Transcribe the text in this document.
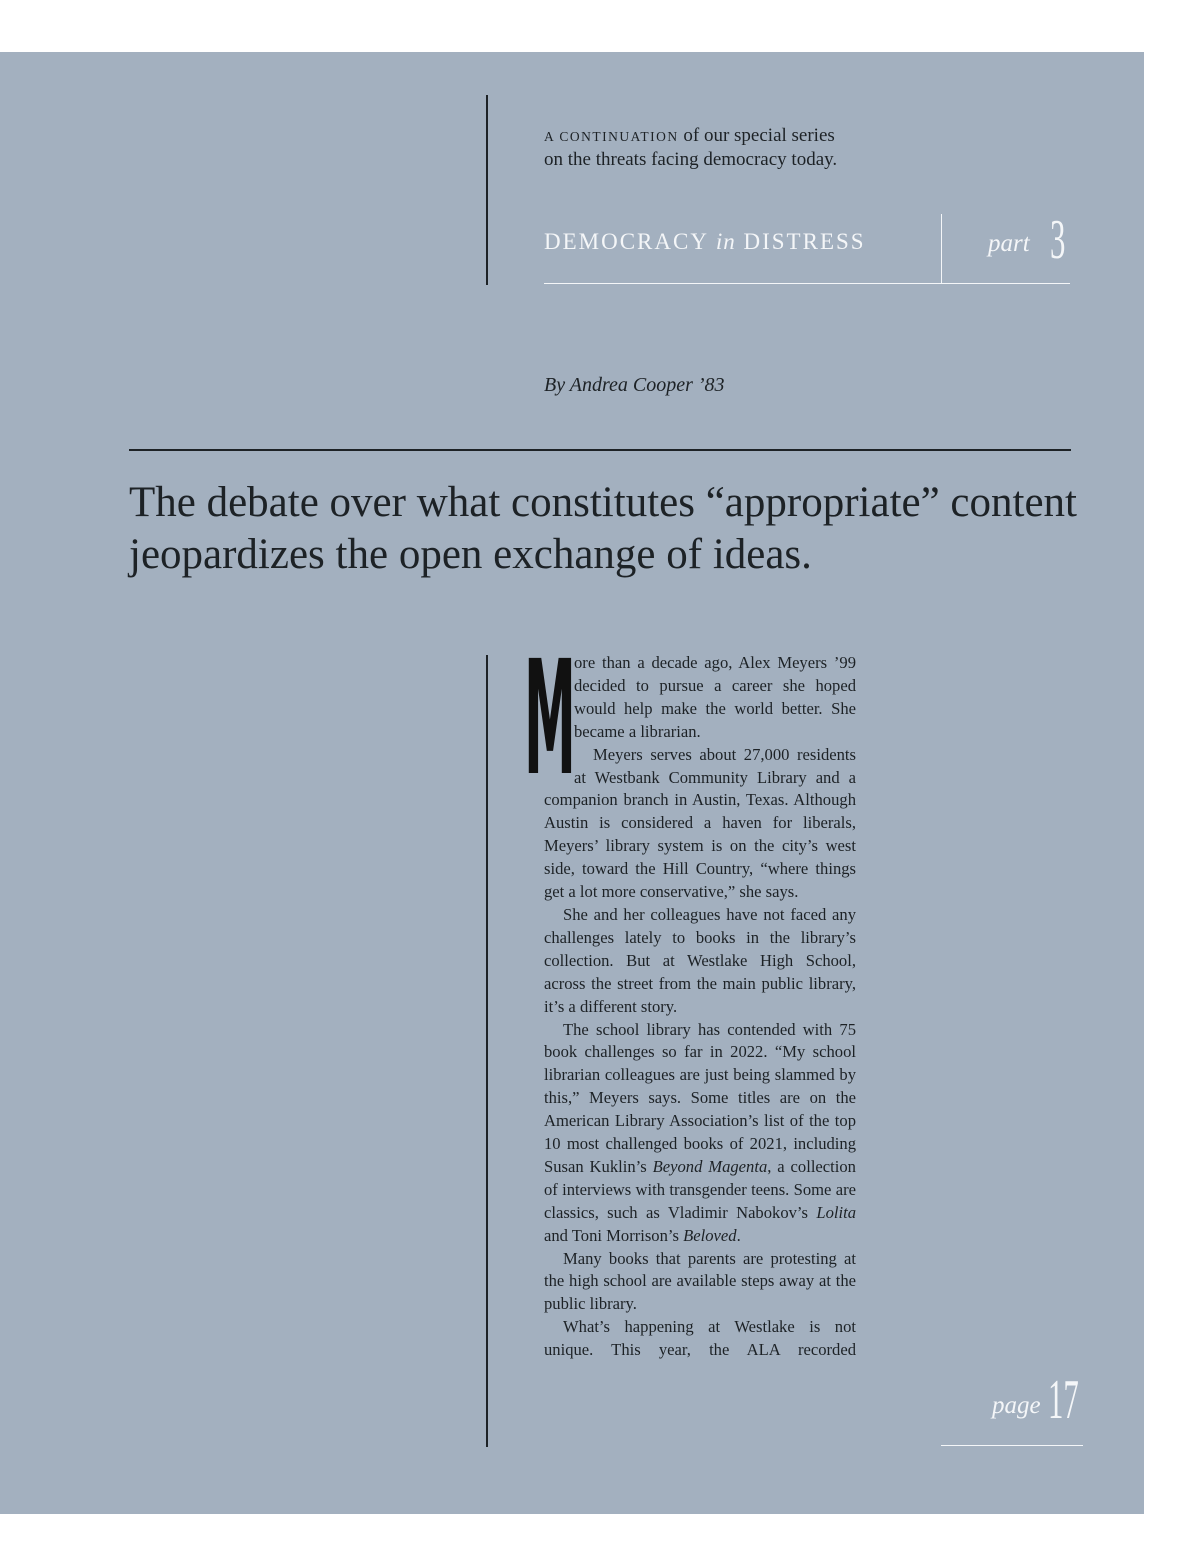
A CONTINUATION of our special series on the threats facing democracy today.
DEMOCRACY in DISTRESS	part 3
By Andrea Cooper ’83
The debate over what constitutes “appropriate” content jeopardizes the open exchange of ideas.

M
ore than a decade ago, Alex Meyers ’99 decided to pursue a career she hoped would help make the world better. She became a librarian.

Meyers serves about 27,000 residents at Westbank Community Library and a companion branch in Austin, Texas. Although Austin is considered a haven for liberals, Meyers’ library system is on the city’s west side, toward the Hill Country, “where things get a lot more conservative,” she says.

She and her colleagues have not faced any challenges lately to books in the library’s collection. But at Westlake High School, across the street from the main public library, it’s a different story.

The school library has contended with 75 book challenges so far in 2022. “My school librarian colleagues are just being slammed by this,” Meyers says. Some titles are on the American Library Association’s list of the top 10 most challenged books of 2021, including Susan Kuklin’s Beyond Magenta, a collection of interviews with transgender teens. Some are classics, such as Vladimir Nabokov’s Lolita and Toni Morrison’s Beloved.

Many books that parents are protesting at the high school are available steps away at the public library.

What’s happening at Westlake is not unique. This year, the ALA recorded

page 17
